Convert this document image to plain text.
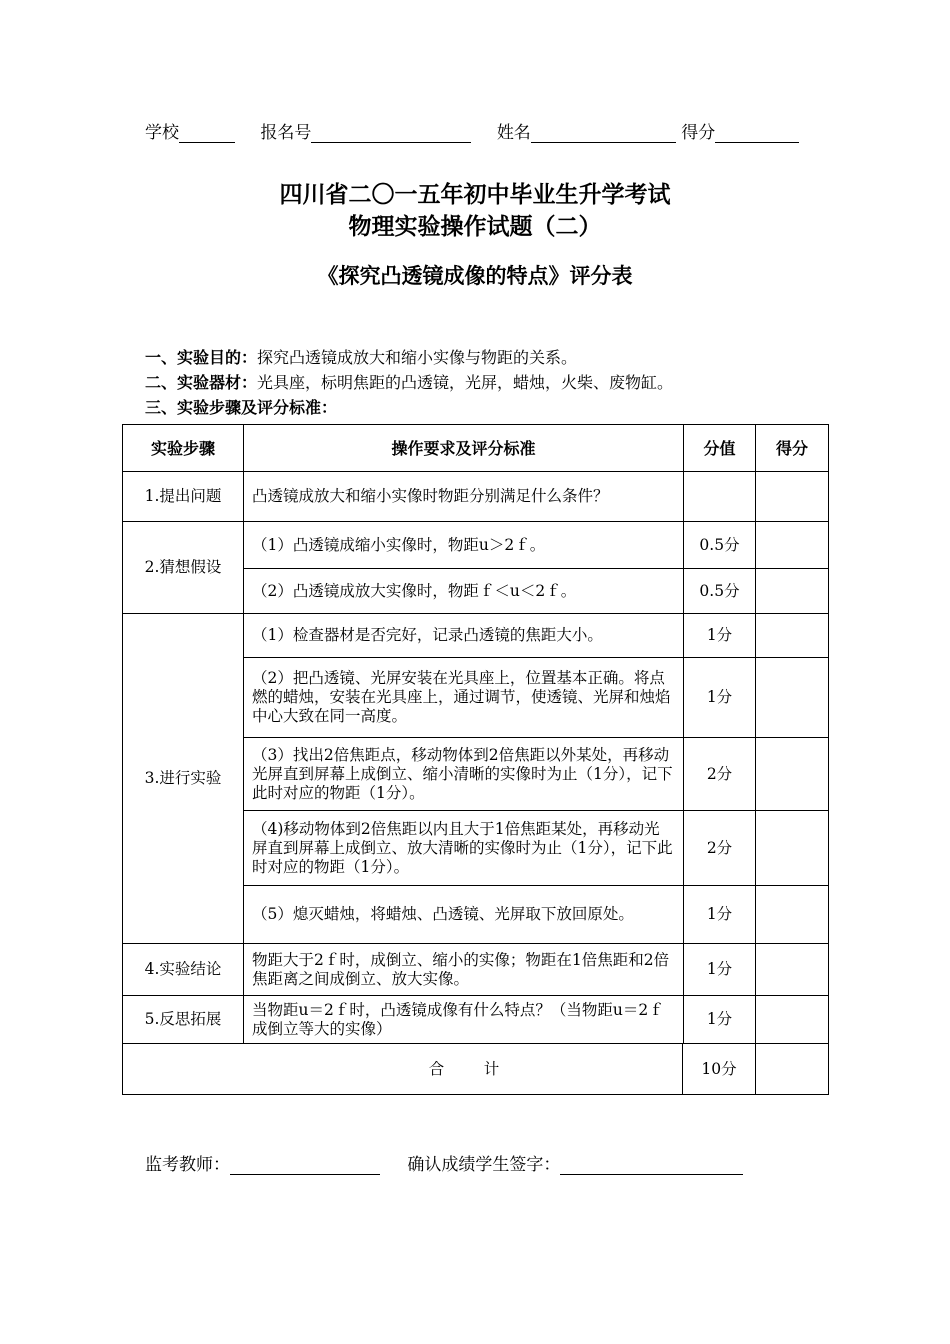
学校	报名号	姓名	得分
四川省二〇一五年初中毕业生升学考试
物理实验操作试题（二）
《探究凸透镜成像的特点》评分表
一、实验目的：探究凸透镜成放大和缩小实像与物距的关系。
二、实验器材：光具座，标明焦距的凸透镜，光屏，蜡烛，火柴、废物缸。
三、实验步骤及评分标准：
实验步骤	操作要求及评分标准	分值	得分
1.提出问题	凸透镜成放大和缩小实像时物距分别满足什么条件？		
2.猜想假设	（1）凸透镜成缩小实像时，物距u＞2ｆ。	0.5分	
	（2）凸透镜成放大实像时，物距ｆ＜u＜2ｆ。	0.5分	
3.进行实验	（1）检查器材是否完好，记录凸透镜的焦距大小。	1分	
	（2）把凸透镜、光屏安装在光具座上，位置基本正确。将点燃的蜡烛，安装在光具座上，通过调节，使透镜、光屏和烛焰中心大致在同一高度。	1分	
	（3）找出2倍焦距点，移动物体到2倍焦距以外某处，再移动光屏直到屏幕上成倒立、缩小清晰的实像时为止（1分），记下此时对应的物距（1分）。	2分	
	（4)移动物体到2倍焦距以内且大于1倍焦距某处，再移动光屏直到屏幕上成倒立、放大清晰的实像时为止（1分），记下此时对应的物距（1分）。	2分	
	（5）熄灭蜡烛，将蜡烛、凸透镜、光屏取下放回原处。	1分	
4.实验结论	物距大于2ｆ时，成倒立、缩小的实像；物距在1倍焦距和2倍焦距离之间成倒立、放大实像。	1分	
5.反思拓展	当物距u＝2ｆ时，凸透镜成像有什么特点？（当物距u＝2ｆ成倒立等大的实像）	1分	

合 计 10分			

监考教师：	确认成绩学生签字：
